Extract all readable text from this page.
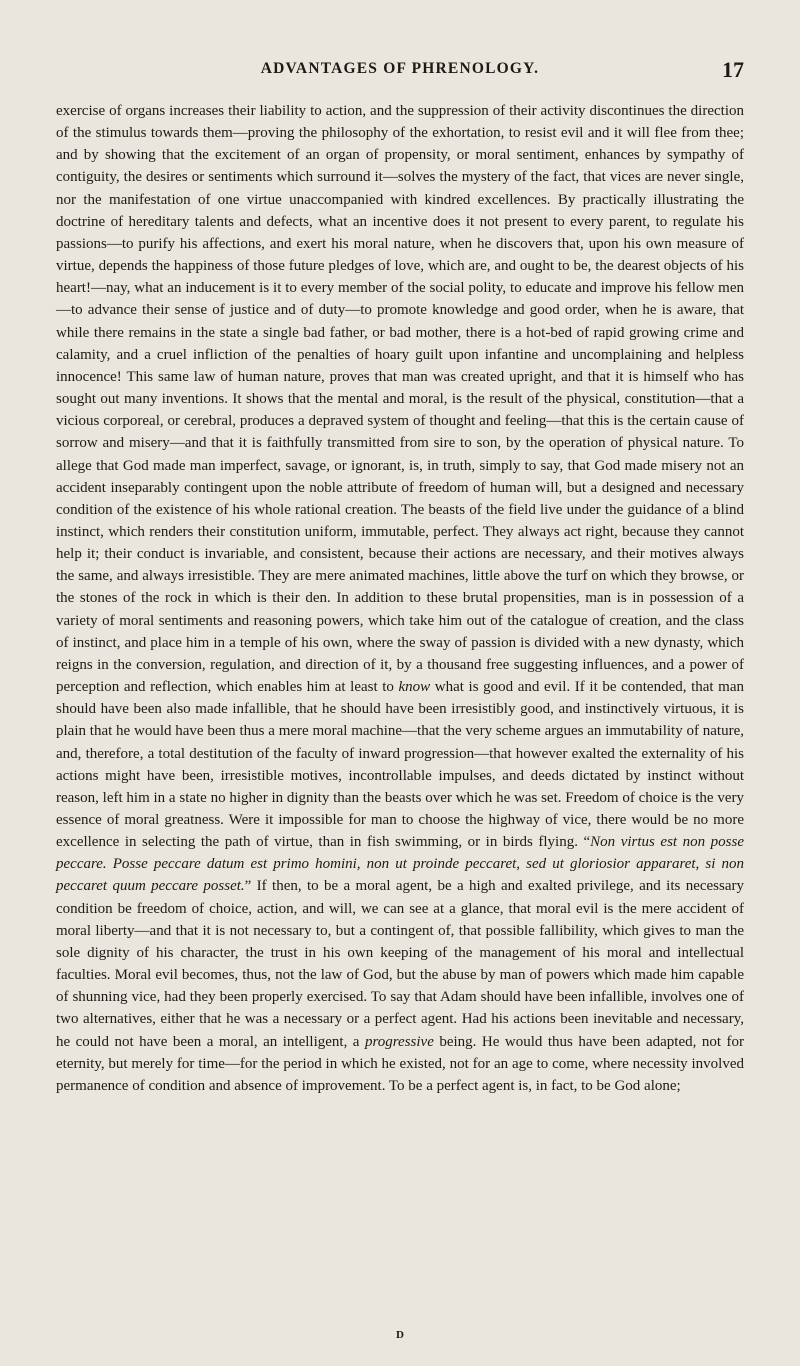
ADVANTAGES OF PHRENOLOGY.	17

exercise of organs increases their liability to action, and the suppression of their activity discontinues the direction of the stimulus towards them—proving the philosophy of the exhortation, to resist evil and it will flee from thee; and by showing that the excitement of an organ of propensity, or moral sentiment, enhances by sympathy of contiguity, the desires or sentiments which surround it—solves the mystery of the fact, that vices are never single, nor the manifestation of one virtue unaccompanied with kindred excellences. By practically illustrating the doctrine of hereditary talents and defects, what an incentive does it not present to every parent, to regulate his passions—to purify his affections, and exert his moral nature, when he discovers that, upon his own measure of virtue, depends the happiness of those future pledges of love, which are, and ought to be, the dearest objects of his heart!—nay, what an inducement is it to every member of the social polity, to educate and improve his fellow men—to advance their sense of justice and of duty—to promote knowledge and good order, when he is aware, that while there remains in the state a single bad father, or bad mother, there is a hot-bed of rapid growing crime and calamity, and a cruel infliction of the penalties of hoary guilt upon infantine and uncomplaining and helpless innocence! This same law of human nature, proves that man was created upright, and that it is himself who has sought out many inventions. It shows that the mental and moral, is the result of the physical, constitution—that a vicious corporeal, or cerebral, produces a depraved system of thought and feeling—that this is the certain cause of sorrow and misery—and that it is faithfully transmitted from sire to son, by the operation of physical nature. To allege that God made man imperfect, savage, or ignorant, is, in truth, simply to say, that God made misery not an accident inseparably contingent upon the noble attribute of freedom of human will, but a designed and necessary condition of the existence of his whole rational creation. The beasts of the field live under the guidance of a blind instinct, which renders their constitution uniform, immutable, perfect. They always act right, because they cannot help it; their conduct is invariable, and consistent, because their actions are necessary, and their motives always the same, and always irresistible. They are mere animated machines, little above the turf on which they browse, or the stones of the rock in which is their den. In addition to these brutal propensities, man is in possession of a variety of moral sentiments and reasoning powers, which take him out of the catalogue of creation, and the class of instinct, and place him in a temple of his own, where the sway of passion is divided with a new dynasty, which reigns in the conversion, regulation, and direction of it, by a thousand free suggesting influences, and a power of perception and reflection, which enables him at least to know what is good and evil. If it be contended, that man should have been also made infallible, that he should have been irresistibly good, and instinctively virtuous, it is plain that he would have been thus a mere moral machine—that the very scheme argues an immutability of nature, and, therefore, a total destitution of the faculty of inward progression—that however exalted the externality of his actions might have been, irresistible motives, incontrollable impulses, and deeds dictated by instinct without reason, left him in a state no higher in dignity than the beasts over which he was set. Freedom of choice is the very essence of moral greatness. Were it impossible for man to choose the highway of vice, there would be no more excellence in selecting the path of virtue, than in fish swimming, or in birds flying. “Non virtus est non posse peccare. Posse peccare datum est primo homini, non ut proinde peccaret, sed ut gloriosior appararet, si non peccaret quum peccare posset.” If then, to be a moral agent, be a high and exalted privilege, and its necessary condition be freedom of choice, action, and will, we can see at a glance, that moral evil is the mere accident of moral liberty—and that it is not necessary to, but a contingent of, that possible fallibility, which gives to man the sole dignity of his character, the trust in his own keeping of the management of his moral and intellectual faculties. Moral evil becomes, thus, not the law of God, but the abuse by man of powers which made him capable of shunning vice, had they been properly exercised. To say that Adam should have been infallible, involves one of two alternatives, either that he was a necessary or a perfect agent. Had his actions been inevitable and necessary, he could not have been a moral, an intelligent, a progressive being. He would thus have been adapted, not for eternity, but merely for time—for the period in which he existed, not for an age to come, where necessity involved permanence of condition and absence of improvement. To be a perfect agent is, in fact, to be God alone;

D
